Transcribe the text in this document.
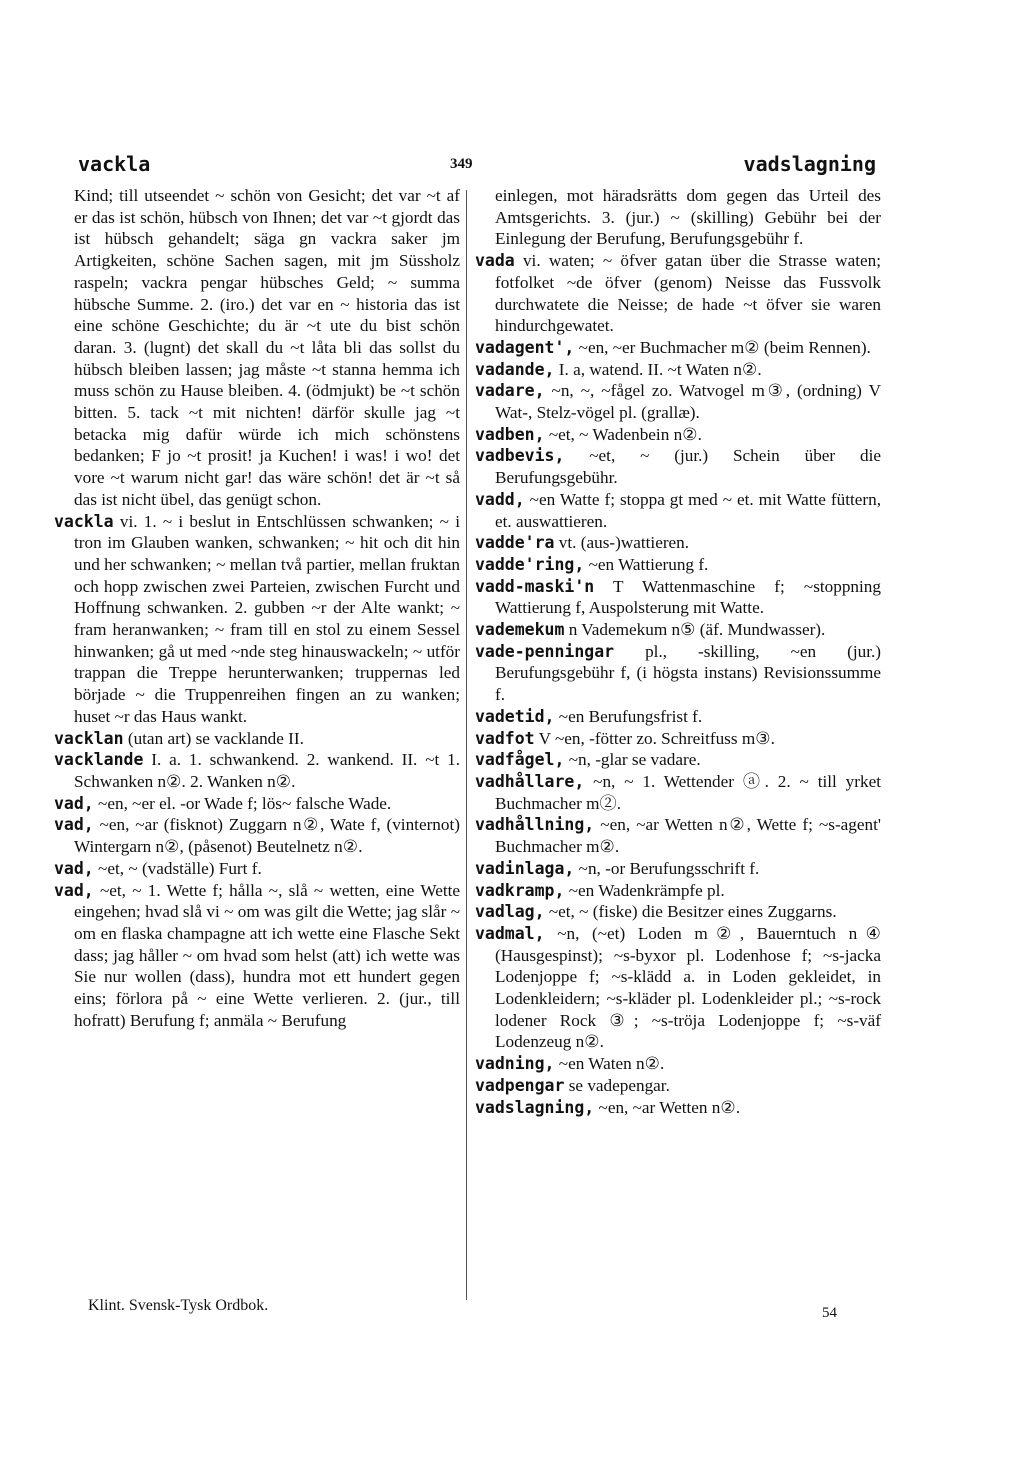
vackla	349	vadslagning

Kind; till utseendet ~ schön von Gesicht; det var ~t af er das ist schön, hübsch von Ihnen; det var ~t gjordt das ist hübsch gehandelt; säga gn vackra saker jm Artigkeiten, schöne Sachen sagen, mit jm Süssholz raspeln; vackra pengar hübsches Geld; ~ summa hübsche Summe. 2. (iro.) det var en ~ historia das ist eine schöne Geschichte; du är ~t ute du bist schön daran. 3. (lugnt) det skall du ~t låta bli das sollst du hübsch bleiben lassen; jag måste ~t stanna hemma ich muss schön zu Hause bleiben. 4. (ödmjukt) be ~t schön bitten. 5. tack ~t mit nichten! därför skulle jag ~t betacka mig dafür würde ich mich schönstens bedanken; F jo ~t prosit! ja Kuchen! i was! i wo! det vore ~t warum nicht gar! das wäre schön! det är ~t så das ist nicht übel, das genügt schon.

vackla vi. 1. ~ i beslut in Entschlüssen schwanken; ~ i tron im Glauben wanken, schwanken; ~ hit och dit hin und her schwanken; ~ mellan två partier, mellan fruktan och hopp zwischen zwei Parteien, zwischen Furcht und Hoffnung schwanken. 2. gubben ~r der Alte wankt; ~ fram heranwanken; ~ fram till en stol zu einem Sessel hinwanken; gå ut med ~nde steg hinauswackeln; ~ utför trappan die Treppe herunterwanken; truppernas led började ~ die Truppenreihen fingen an zu wanken; huset ~r das Haus wankt.

vacklan (utan art) se vacklande II.

vacklande I. a. 1. schwankend. 2. wankend. II. ~t 1. Schwanken n②. 2. Wanken n②.

vad, ~en, ~er el. -or Wade f; lös~ falsche Wade.

vad, ~en, ~ar (fisknot) Zuggarn n②, Wate f, (vinternot) Wintergarn n②, (påsenot) Beutelnetz n②.

vad, ~et, ~ (vadställe) Furt f.

vad, ~et, ~ 1. Wette f; hålla ~, slå ~ wetten, eine Wette eingehen; hvad slå vi ~ om was gilt die Wette; jag slår ~ om en flaska champagne att ich wette eine Flasche Sekt dass; jag håller ~ om hvad som helst (att) ich wette was Sie nur wollen (dass), hundra mot ett hundert gegen eins; förlora på ~ eine Wette verlieren. 2. (jur., till hofratt) Berufung f; anmäla ~ Berufung

einlegen, mot häradsrätts dom gegen das Urteil des Amtsgerichts. 3. (jur.) ~ (skilling) Gebühr bei der Einlegung der Berufung, Berufungsgebühr f.

vada vi. waten; ~ öfver gatan über die Strasse waten; fotfolket ~de öfver (genom) Neisse das Fussvolk durchwatete die Neisse; de hade ~t öfver sie waren hindurchgewatet.

vadagent', ~en, ~er Buchmacher m② (beim Rennen).

vadande, I. a, watend. II. ~t Waten n②.

vadare, ~n, ~, ~fågel zo. Watvogel m③, (ordning) V Wat-, Stelz-vögel pl. (grallæ).

vadben, ~et, ~ Wadenbein n②.

vadbevis, ~et, ~ (jur.) Schein über die Berufungsgebühr.

vadd, ~en Watte f; stoppa gt med ~ et. mit Watte füttern, et. auswattieren.

vadde'ra vt. (aus-)wattieren.

vadde'ring, ~en Wattierung f.

vadd-maski'n T Wattenmaschine f; ~stoppning Wattierung f, Auspolsterung mit Watte.

vademekum n Vademekum n⑤ (äf. Mundwasser).

vade-penningar pl., -skilling, ~en (jur.) Berufungsgebühr f, (i högsta instans) Revisionssumme f.

vadetid, ~en Berufungsfrist f.

vadfot V ~en, -fötter zo. Schreitfuss m③.

vadfågel, ~n, -glar se vadare.

vadhållare, ~n, ~ 1. Wettender ⓐ. 2. ~ till yrket Buchmacher m②.

vadhållning, ~en, ~ar Wetten n②, Wette f; ~s-agent' Buchmacher m②.

vadinlaga, ~n, -or Berufungsschrift f.

vadkramp, ~en Wadenkrämpfe pl.

vadlag, ~et, ~ (fiske) die Besitzer eines Zuggarns.

vadmal, ~n, (~et) Loden m②, Bauerntuch n④ (Hausgespinst); ~s-byxor pl. Lodenhose f; ~s-jacka Lodenjoppe f; ~s-klädd a. in Loden gekleidet, in Lodenkleidern; ~s-kläder pl. Lodenkleider pl.; ~s-rock lodener Rock ③; ~s-tröja Lodenjoppe f; ~s-väf Lodenzeug n②.

vadning, ~en Waten n②.

vadpengar se vadepengar.

vadslagning, ~en, ~ar Wetten n②.

Klint. Svensk-Tysk Ordbok.	54
